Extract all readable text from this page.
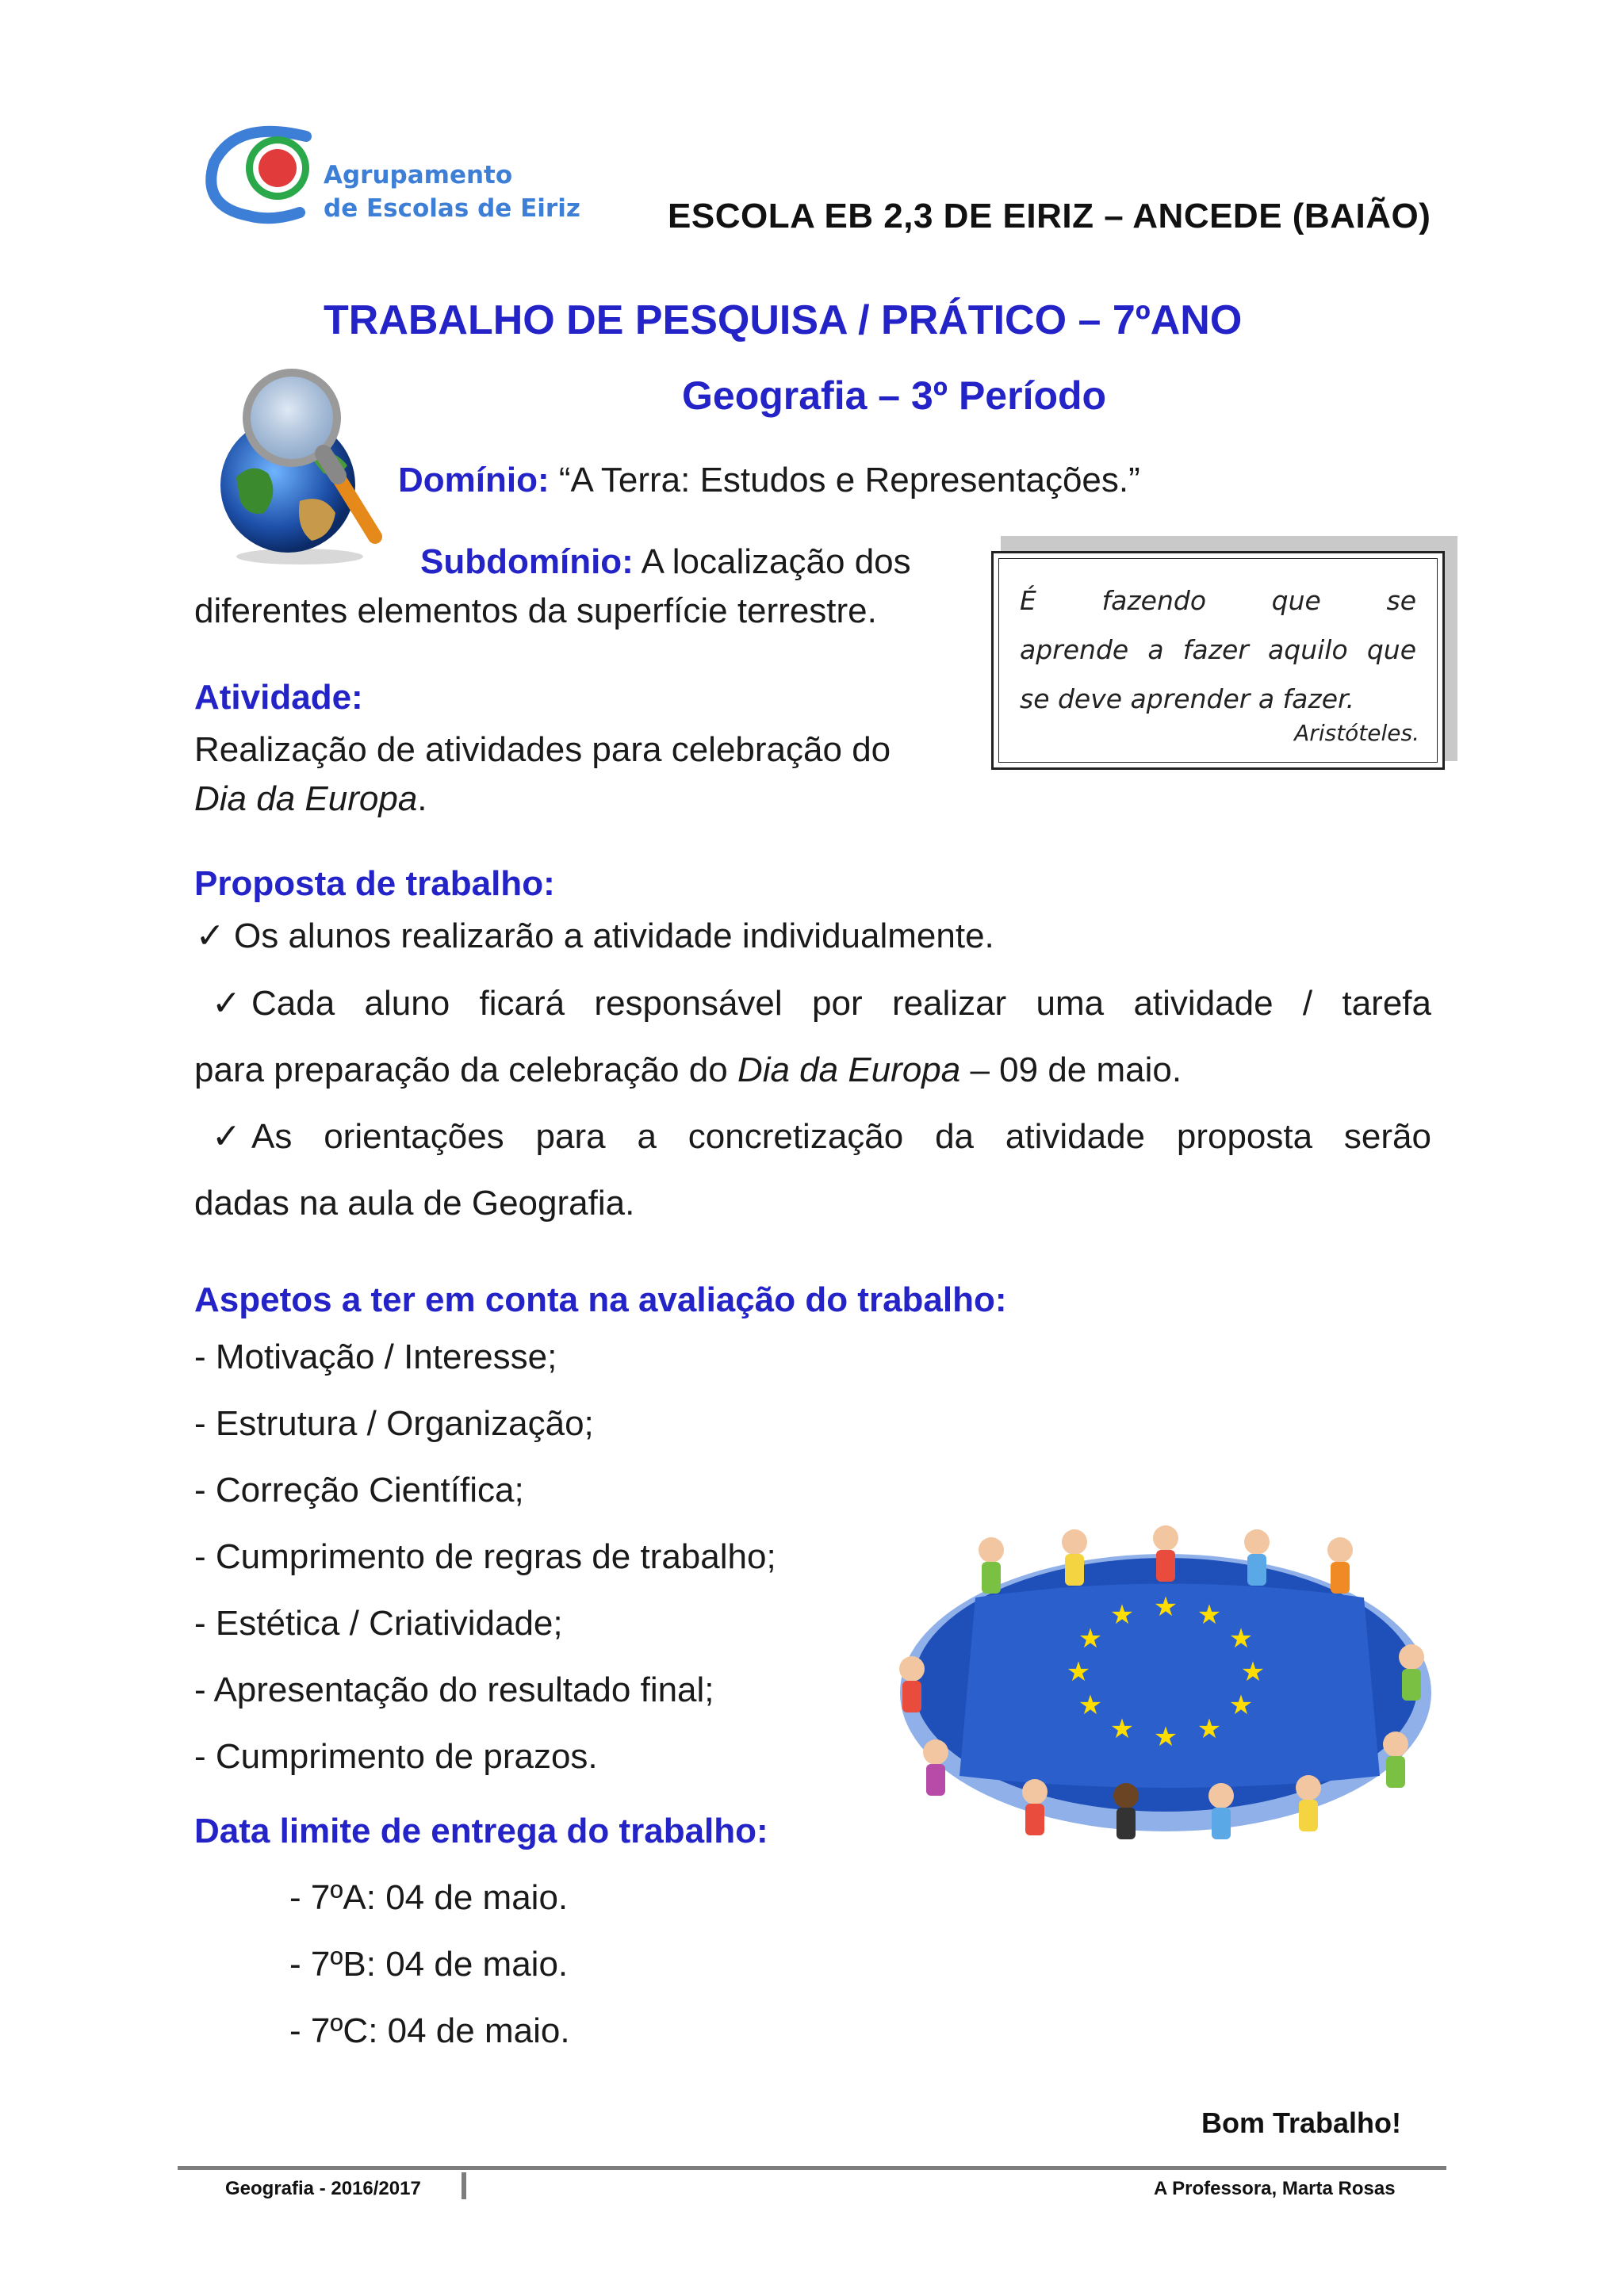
Agrupamento
de Escolas de Eiriz	ESCOLA EB 2,3 DE EIRIZ – ANCEDE (BAIÃO)
TRABALHO DE PESQUISA / PRÁTICO – 7ºANO
Geografia – 3º Período
Domínio: “A Terra: Estudos e Representações.”
Subdomínio: A localização dos
diferentes elementos da superfície terrestre.
Atividade:
Realização de atividades para celebração do
Dia da Europa.
É fazendo que se
aprende a fazer aquilo que
se deve aprender a fazer.
Aristóteles.
Proposta de trabalho:
✓ Os alunos realizarão a atividade individualmente.
✓ Cada aluno ficará responsável por realizar uma atividade / tarefa
para preparação da celebração do Dia da Europa – 09 de maio.
✓ As orientações para a concretização da atividade proposta serão
dadas na aula de Geografia.
Aspetos a ter em conta na avaliação do trabalho:
- Motivação / Interesse;
- Estrutura / Organização;
- Correção Científica;
- Cumprimento de regras de trabalho;
- Estética / Criatividade;
- Apresentação do resultado final;
- Cumprimento de prazos.
★ ★
★
★
★
★
★
★
★
★
★
★
Data limite de entrega do trabalho:
- 7ºA: 04 de maio.
- 7ºB: 04 de maio.
- 7ºC: 04 de maio.
Bom Trabalho!
Geografia - 2016/2017	A Professora, Marta Rosas
